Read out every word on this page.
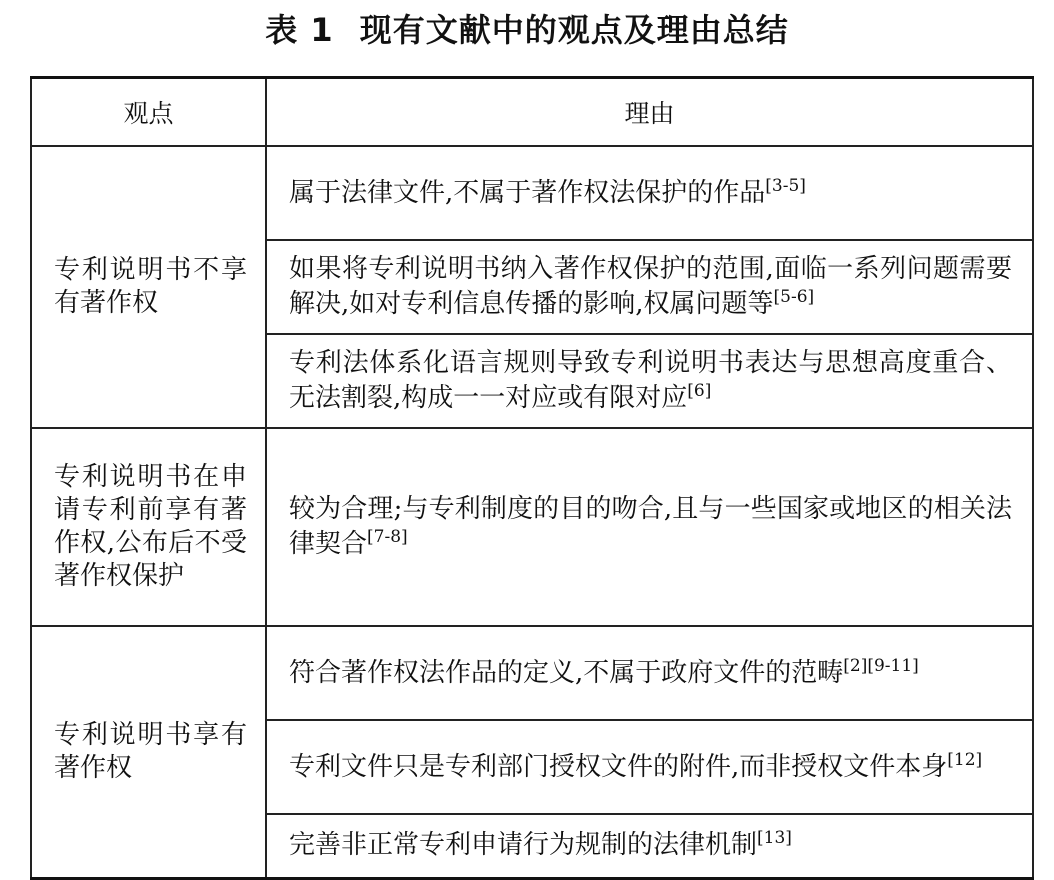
表 1 现有文献中的观点及理由总结
观点	理由
专利说明书不享有著作权	属于法律文件,不属于著作权法保护的作品[3-5]
	如果将专利说明书纳入著作权保护的范围,面临一系列问题需要解决,如对专利信息传播的影响,权属问题等[5-6]
	专利法体系化语言规则导致专利说明书表达与思想高度重合、无法割裂,构成一一对应或有限对应[6]
专利说明书在申请专利前享有著作权,公布后不受著作权保护	较为合理;与专利制度的目的吻合,且与一些国家或地区的相关法律契合[7-8]
专利说明书享有著作权	符合著作权法作品的定义,不属于政府文件的范畴[2][9-11]
	专利文件只是专利部门授权文件的附件,而非授权文件本身[12]
	完善非正常专利申请行为规制的法律机制[13]
